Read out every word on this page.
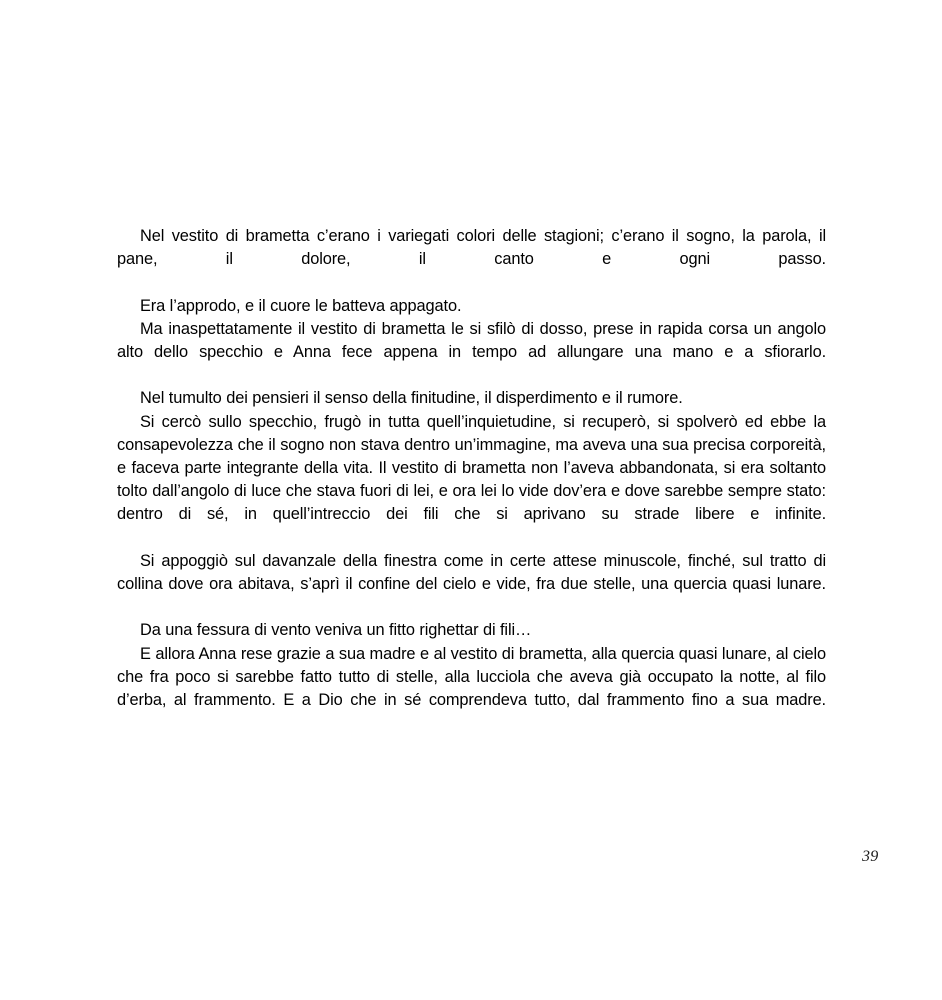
Nel vestito di brametta c’erano i variegati colori delle stagioni; c’erano il sogno, la parola, il pane, il dolore, il canto e ogni passo.

Era l’approdo, e il cuore le batteva appagato.

Ma inaspettatamente il vestito di brametta le si sfilò di dosso, prese in rapida corsa un angolo alto dello specchio e Anna fece appena in tempo ad allungare una mano e a sfiorarlo.

Nel tumulto dei pensieri il senso della finitudine, il disperdimento e il rumore.

Si cercò sullo specchio, frugò in tutta quell’inquietudine, si recuperò, si spolverò ed ebbe la consapevolezza che il sogno non stava dentro un’immagine, ma aveva una sua precisa corporeità, e faceva parte integrante della vita. Il vestito di brametta non l’aveva abbandonata, si era soltanto tolto dall’angolo di luce che stava fuori di lei, e ora lei lo vide dov’era e dove sarebbe sempre stato: dentro di sé, in quell’intreccio dei fili che si aprivano su strade libere e infinite.

Si appoggiò sul davanzale della finestra come in certe attese minuscole, finché, sul tratto di collina dove ora abitava, s’aprì il confine del cielo e vide, fra due stelle, una quercia quasi lunare.

Da una fessura di vento veniva un fitto righettar di fili…

E allora Anna rese grazie a sua madre e al vestito di brametta, alla quercia quasi lunare, al cielo che fra poco si sarebbe fatto tutto di stelle, alla lucciola che aveva già occupato la notte, al filo d’erba, al frammento. E a Dio che in sé comprendeva tutto, dal frammento fino a sua madre.

39
